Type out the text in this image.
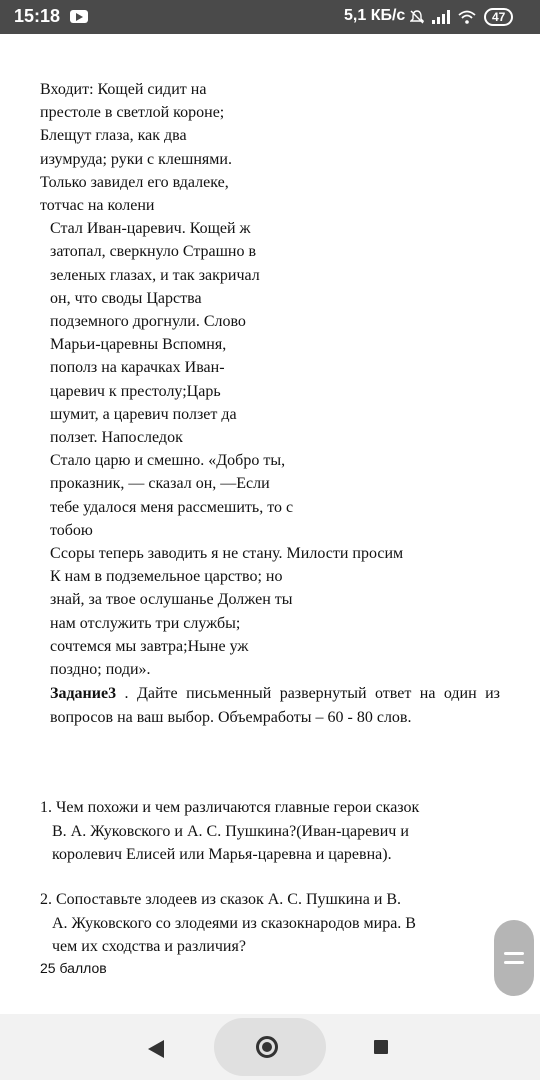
15:18	5,1 КБ/с	47

Входит: Кощей сидит на

престоле в светлой короне;

Блещут глаза, как два

изумруда; руки с клешнями.

Только завидел его вдалеке,

тотчас на колени

Стал Иван-царевич. Кощей ж

затопал, сверкнуло Страшно в

зеленых глазах, и так закричал

он, что своды Царства

подземного дрогнули. Слово

Марьи-царевны Вспомня,

пополз на карачках Иван-

царевич к престолу;Царь

шумит, а царевич ползет да

ползет. Напоследок

Стало царю и смешно. «Добро ты,

проказник, — сказал он, —Если

тебе удалося меня рассмешить, то с

тобою

Ссоры теперь заводить я не стану. Милости просим

К нам в подземельное царство; но

знай, за твое ослушанье Должен ты

нам отслужить три службы;

сочтемся мы завтра;Ныне уж

поздно; поди».

Задание3 . Дайте письменный развернутый ответ на один из вопросов на ваш выбор. Объемработы – 60 - 80 слов.
1. Чем похожи и чем различаются главные герои сказок
В. А. Жуковского и А. С. Пушкина?(Иван-царевич и
королевич Елисей или Марья-царевна и царевна).
2. Сопоставьте злодеев из сказок А. С. Пушкина и В.
А. Жуковского со злодеями из сказокнародов мира. В
чем их сходства и различия?
25 баллов
